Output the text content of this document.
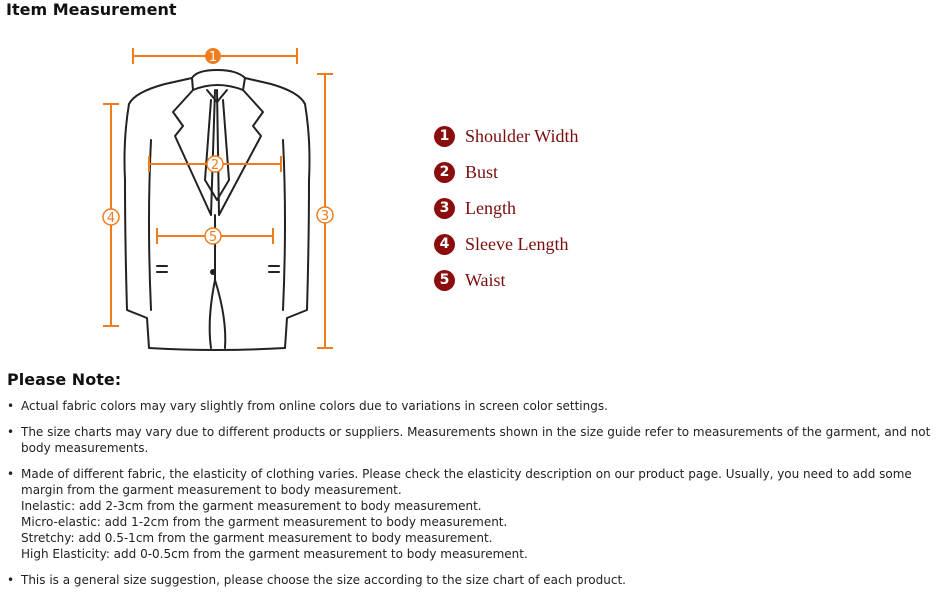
Item Measurement
1
2
3
4
5
1 Shoulder Width
2 Bust
3 Length
4 Sleeve Length
5 Waist
Please Note:
• Actual fabric colors may vary slightly from online colors due to variations in screen color settings.
• The size charts may vary due to different products or suppliers. Measurements shown in the size guide refer to measurements of the garment, and not body measurements.
• Made of different fabric, the elasticity of clothing varies. Please check the elasticity description on our product page. Usually, you need to add some margin from the garment measurement to body measurement.
Inelastic: add 2-3cm from the garment measurement to body measurement.
Micro-elastic: add 1-2cm from the garment measurement to body measurement.
Stretchy: add 0.5-1cm from the garment measurement to body measurement.
High Elasticity: add 0-0.5cm from the garment measurement to body measurement.
• This is a general size suggestion, please choose the size according to the size chart of each product.
